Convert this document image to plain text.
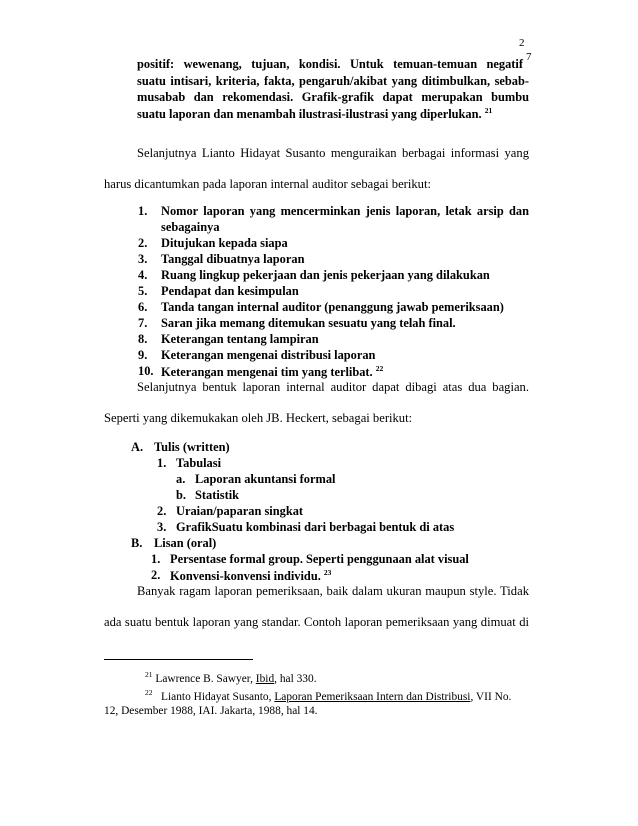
2
7
positif: wewenang, tujuan, kondisi. Untuk temuan-temuan negatif
suatu intisari, kriteria, fakta, pengaruh/akibat yang ditimbulkan, sebab-
musabab dan rekomendasi. Grafik-grafik dapat merupakan bumbu
suatu laporan dan menambah ilustrasi-ilustrasi yang diperlukan. $^{21}$
Selanjutnya Lianto Hidayat Susanto menguraikan berbagai informasi yang
harus dicantumkan pada laporan internal auditor sebagai berikut:
1. Nomor laporan yang mencerminkan jenis laporan, letak arsip dan
sebagainya
2. Ditujukan kepada siapa
3. Tanggal dibuatnya laporan
4. Ruang lingkup pekerjaan dan jenis pekerjaan yang dilakukan
5. Pendapat dan kesimpulan
6. Tanda tangan internal auditor (penanggung jawab pemeriksaan)
7. Saran jika memang ditemukan sesuatu yang telah final.
8. Keterangan tentang lampiran
9. Keterangan mengenai distribusi laporan
10. Keterangan mengenai tim yang terlibat. $^{22}$
Selanjutnya bentuk laporan internal auditor dapat dibagi atas dua bagian.
Seperti yang dikemukakan oleh JB. Heckert, sebagai berikut:
A. Tulis (written)
1. Tabulasi
a. Laporan akuntansi formal
b. Statistik
2. Uraian/paparan singkat
3. GrafikSuatu kombinasi dari berbagai bentuk di atas
B. Lisan (oral)
1. Persentase formal group. Seperti penggunaan alat visual
2. Konvensi-konvensi individu. $^{23}$
Banyak ragam laporan pemeriksaan, baik dalam ukuran maupun style. Tidak
ada suatu bentuk laporan yang standar. Contoh laporan pemeriksaan yang dimuat di
$^{21}$ Lawrence B. Sawyer, Ibid, hal 330.
$^{22}$ Lianto Hidayat Susanto, Laporan Pemeriksaan Intern dan Distribusi, VII No.
12, Desember 1988, IAI. Jakarta, 1988, hal 14.
